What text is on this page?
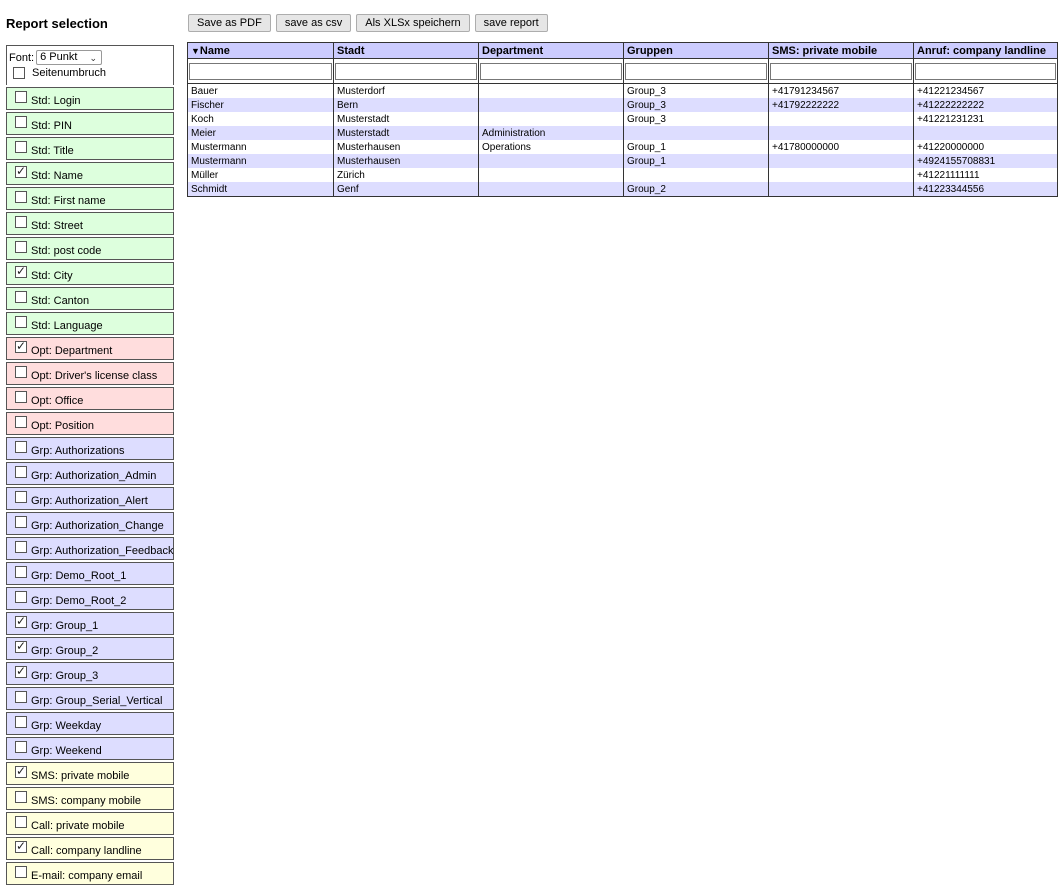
Report selection	Save as PDF	save as csv	Als XLSx speichern	save report
Font: 6 Punkt ⌄
Seitenumbruch
Std: Login
Std: PIN
Std: Title
✓ Std: Name
Std: First name
Std: Street
Std: post code
✓ Std: City
Std: Canton
Std: Language
✓ Opt: Department
Opt: Driver's license class
Opt: Office
Opt: Position
Grp: Authorizations
Grp: Authorization_Admin
Grp: Authorization_Alert
Grp: Authorization_Change
Grp: Authorization_Feedback
Grp: Demo_Root_1
Grp: Demo_Root_2
✓ Grp: Group_1
✓ Grp: Group_2
✓ Grp: Group_3
Grp: Group_Serial_Vertical
Grp: Weekday
Grp: Weekend
✓ SMS: private mobile
SMS: company mobile
Call: private mobile
✓ Call: company landline
E-mail: company email
▼Name	Stadt	Department	Gruppen	SMS: private mobile	Anruf: company landline

Bauer	Musterdorf		Group_3	+41791234567	+41221234567
Fischer	Bern		Group_3	+41792222222	+41222222222
Koch	Musterstadt		Group_3		+41221231231
Meier	Musterstadt	Administration			
Mustermann	Musterhausen	Operations	Group_1	+41780000000	+41220000000
Mustermann	Musterhausen		Group_1		+4924155708831
Müller	Zürich				+41221111111
Schmidt	Genf		Group_2		+41223344556
